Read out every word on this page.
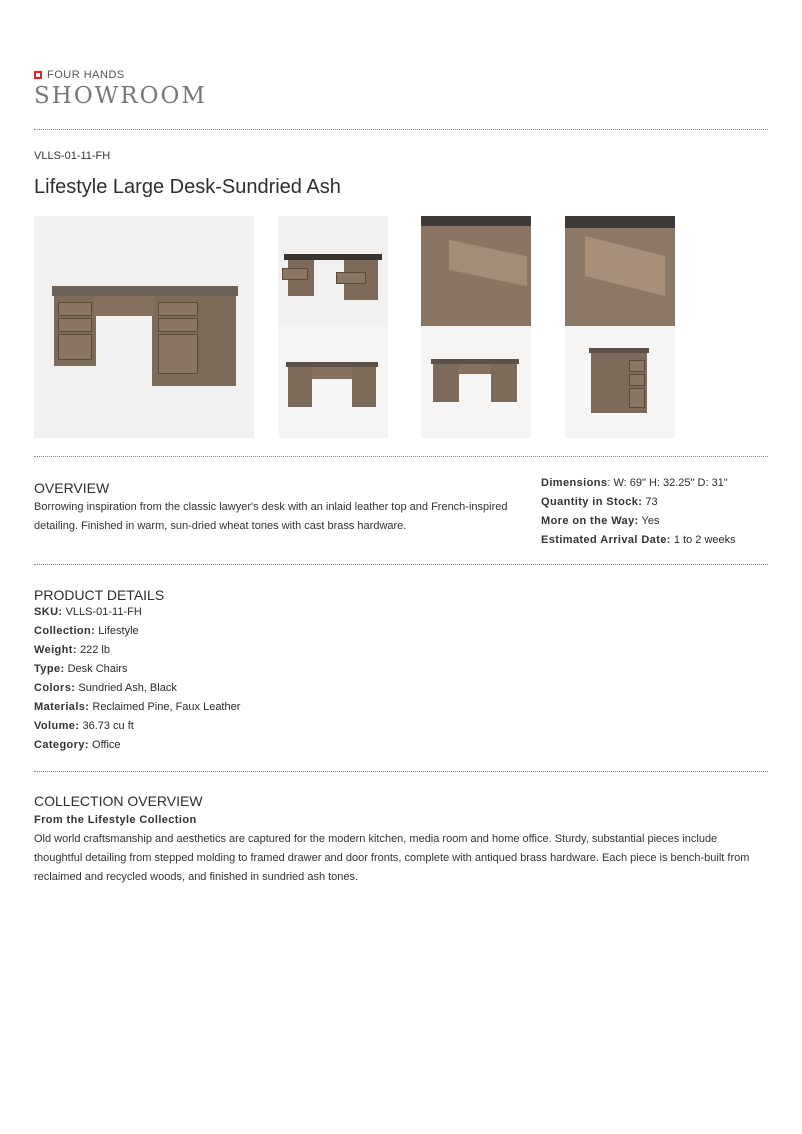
FOUR HANDS
SHOWROOM
VLLS-01-11-FH
Lifestyle Large Desk-Sundried Ash
OVERVIEW
Borrowing inspiration from the classic lawyer's desk with an inlaid leather top and French-inspired detailing. Finished in warm, sun-dried wheat tones with cast brass hardware.
Dimensions: W: 69" H: 32.25" D: 31"
Quantity in Stock: 73
More on the Way: Yes
Estimated Arrival Date: 1 to 2 weeks
PRODUCT DETAILS
SKU: VLLS-01-11-FH
Collection: Lifestyle
Weight: 222 lb
Type: Desk Chairs
Colors: Sundried Ash, Black
Materials: Reclaimed Pine, Faux Leather
Volume: 36.73 cu ft
Category: Office
COLLECTION OVERVIEW
From the Lifestyle Collection
Old world craftsmanship and aesthetics are captured for the modern kitchen, media room and home office. Sturdy, substantial pieces include thoughtful detailing from stepped molding to framed drawer and door fronts, complete with antiqued brass hardware. Each piece is bench-built from reclaimed and recycled woods, and finished in sundried ash tones.
